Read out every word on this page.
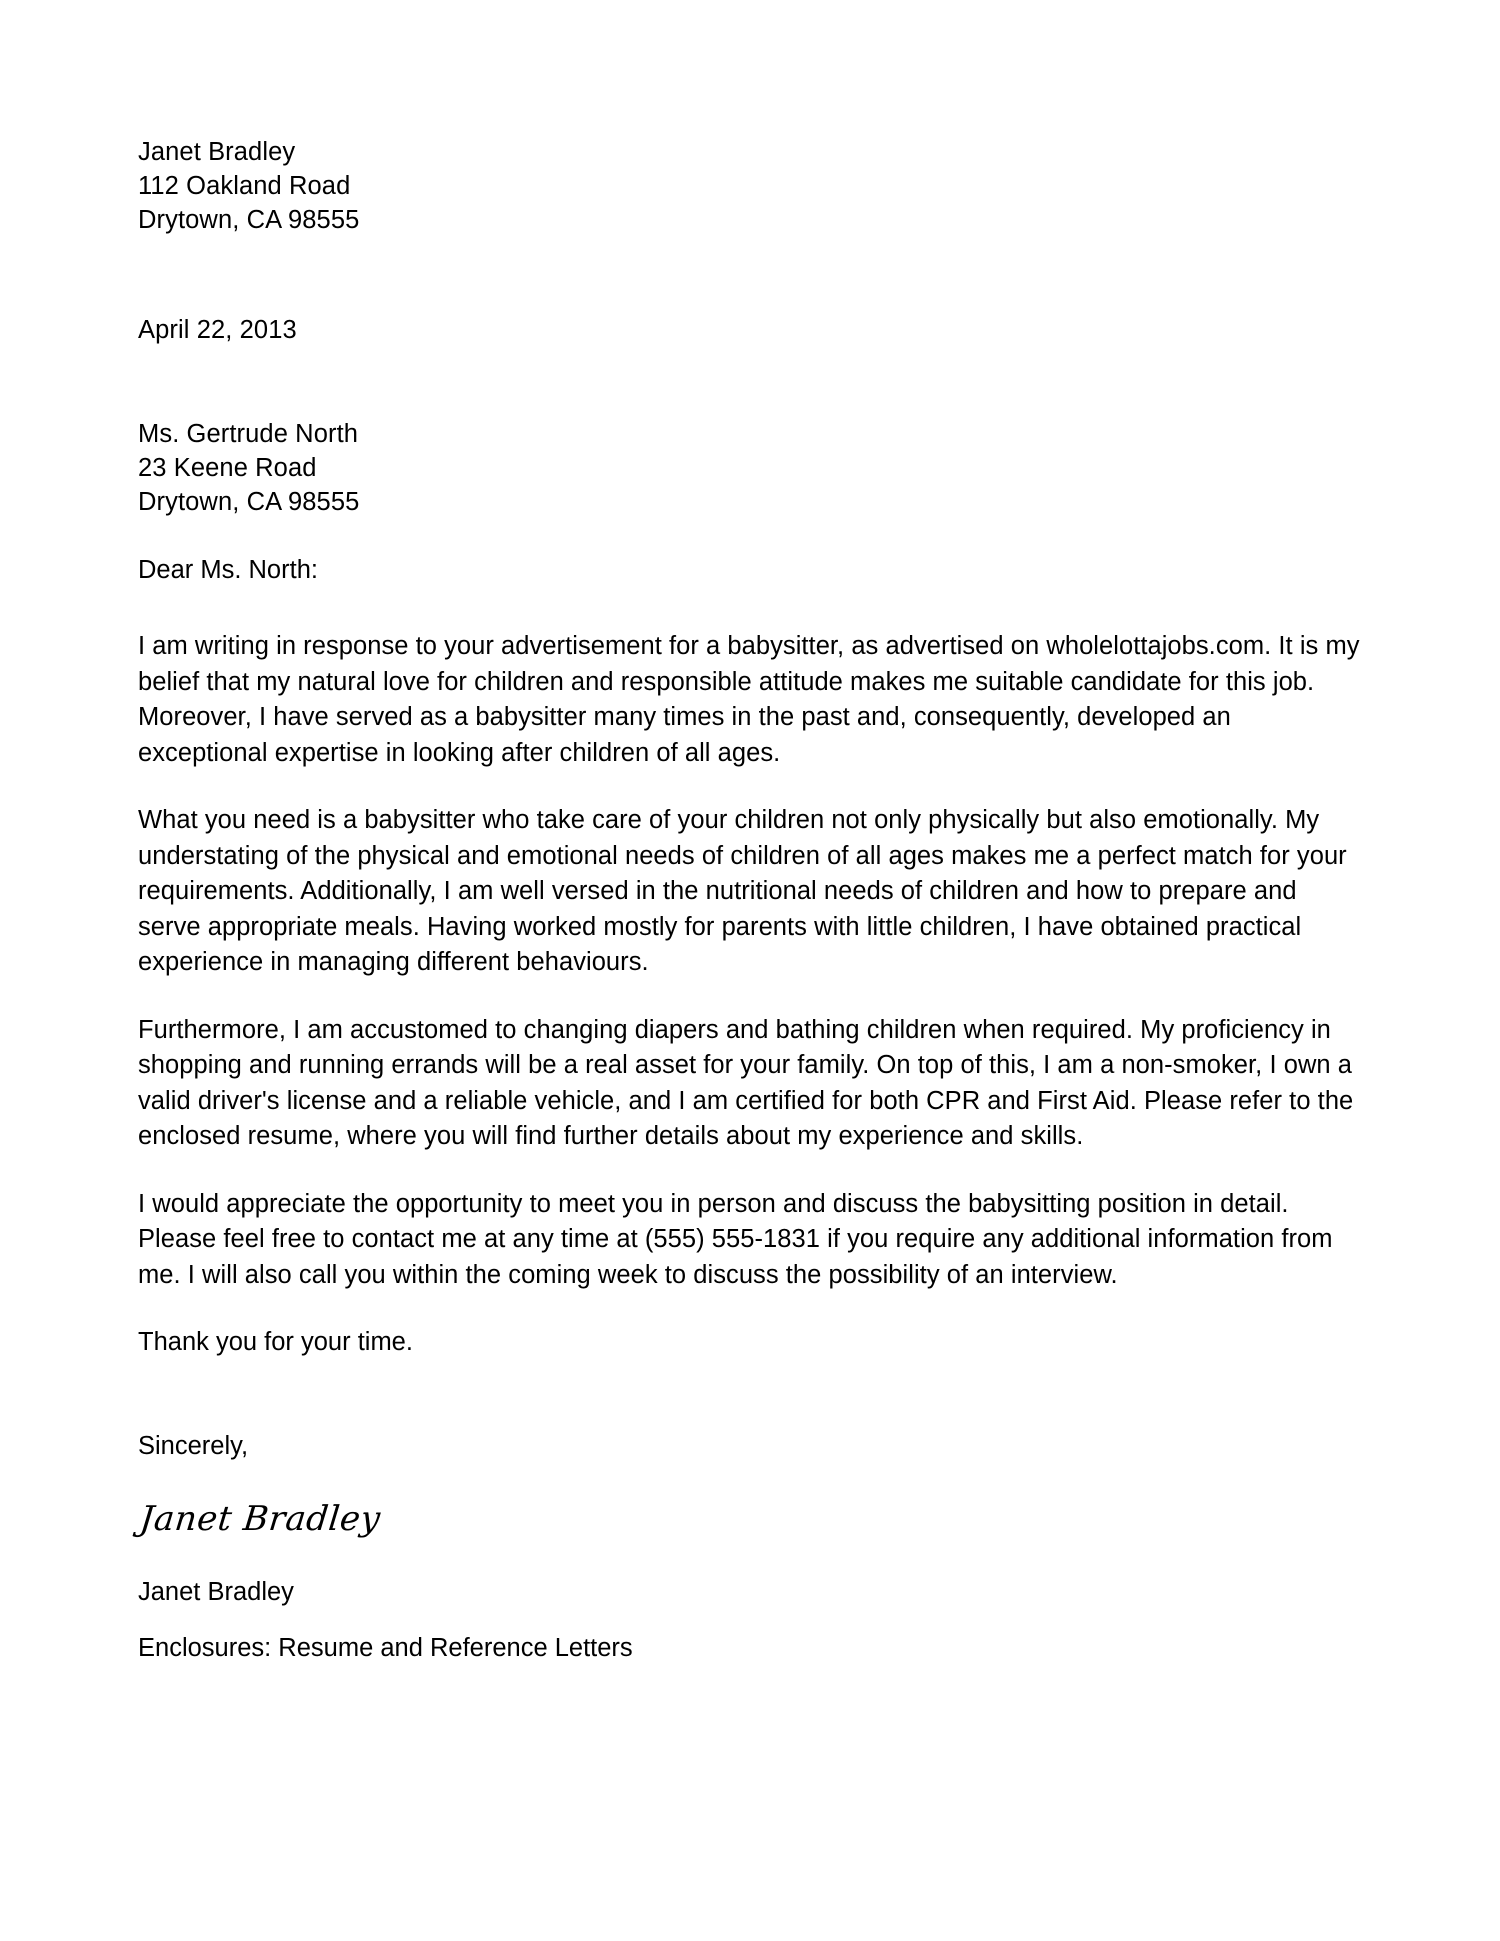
Janet Bradley
112 Oakland Road
Drytown, CA 98555
April 22, 2013
Ms. Gertrude North
23 Keene Road
Drytown, CA 98555
Dear Ms. North:

I am writing in response to your advertisement for a babysitter, as advertised on wholelottajobs.com. It is my belief that my natural love for children and responsible attitude makes me suitable candidate for this job. Moreover, I have served as a babysitter many times in the past and, consequently, developed an exceptional expertise in looking after children of all ages.

What you need is a babysitter who take care of your children not only physically but also emotionally. My understating of the physical and emotional needs of children of all ages makes me a perfect match for your requirements. Additionally, I am well versed in the nutritional needs of children and how to prepare and serve appropriate meals. Having worked mostly for parents with little children, I have obtained practical experience in managing different behaviours.

Furthermore, I am accustomed to changing diapers and bathing children when required. My proficiency in shopping and running errands will be a real asset for your family. On top of this, I am a non-smoker, I own a valid driver's license and a reliable vehicle, and I am certified for both CPR and First Aid. Please refer to the enclosed resume, where you will find further details about my experience and skills.

I would appreciate the opportunity to meet you in person and discuss the babysitting position in detail. Please feel free to contact me at any time at (555) 555-1831 if you require any additional information from me. I will also call you within the coming week to discuss the possibility of an interview.

Thank you for your time.
Sincerely,
Janet Bradley
Janet Bradley
Enclosures: Resume and Reference Letters
